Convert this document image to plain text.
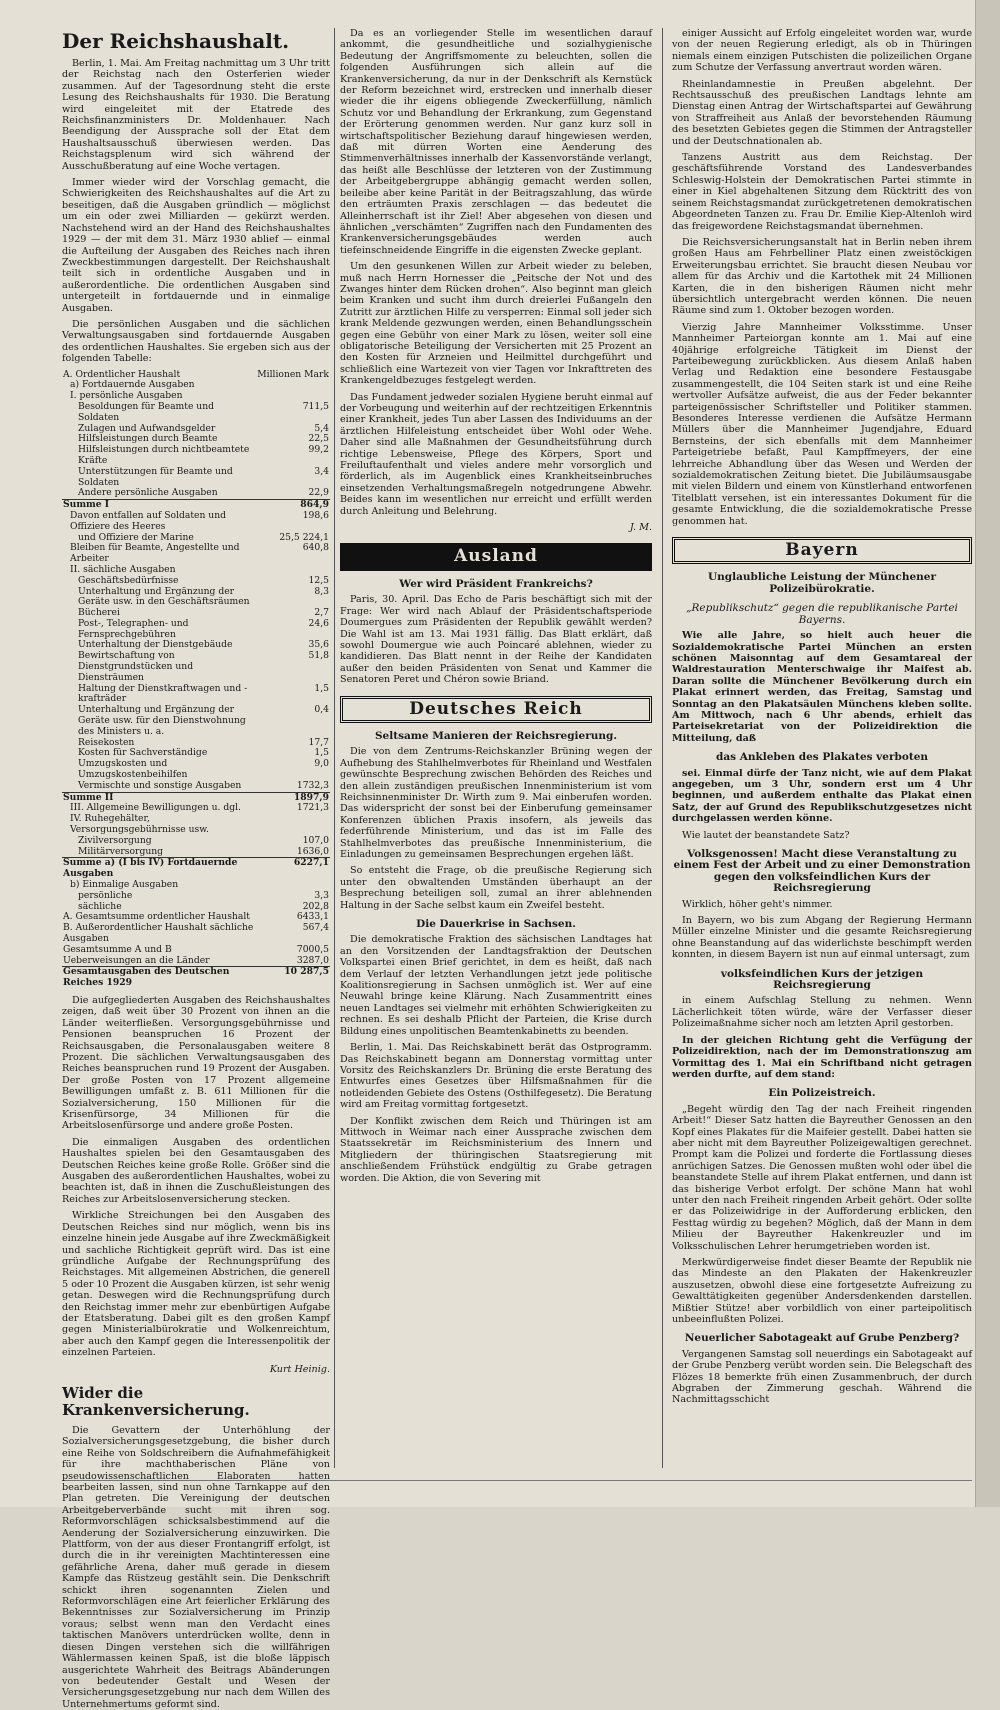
Der Reichshaushalt.

Berlin, 1. Mai. Am Freitag nachmittag um 3 Uhr tritt der Reichstag nach den Osterferien wieder zusammen. Auf der Tagesordnung steht die erste Lesung des Reichshaushalts für 1930. Die Beratung wird eingeleitet mit der Etatrede des Reichsfinanzministers Dr. Moldenhauer. Nach Beendigung der Aussprache soll der Etat dem Haushaltsausschuß überwiesen werden. Das Reichstagsplenum wird sich während der Ausschußberatung auf eine Woche vertagen.

Immer wieder wird der Vorschlag gemacht, die Schwierigkeiten des Reichshaushaltes auf die Art zu beseitigen, daß die Ausgaben gründlich — möglichst um ein oder zwei Milliarden — gekürzt werden. Nachstehend wird an der Hand des Reichshaushaltes 1929 — der mit dem 31. März 1930 ablief — einmal die Aufteilung der Ausgaben des Reiches nach ihren Zweckbestimmungen dargestellt. Der Reichshaushalt teilt sich in ordentliche Ausgaben und in außerordentliche. Die ordentlichen Ausgaben sind untergeteilt in fortdauernde und in einmalige Ausgaben.

Die persönlichen Ausgaben und die sächlichen Verwaltungsausgaben sind fortdauernde Ausgaben des ordentlichen Haushaltes. Sie ergeben sich aus der folgenden Tabelle:

A. Ordentlicher Haushalt	Millionen Mark
a) Fortdauernde Ausgaben	
I. persönliche Ausgaben	
Besoldungen für Beamte und Soldaten	711,5
Zulagen und Aufwandsgelder	5,4
Hilfsleistungen durch Beamte	22,5
Hilfsleistungen durch nichtbeamtete Kräfte	99,2
Unterstützungen für Beamte und Soldaten	3,4
Andere persönliche Ausgaben	22,9
Summe I	864,9
Davon entfallen auf Soldaten und Offiziere des Heeres	198,6
und Offiziere der Marine	25,5 224,1
Bleiben für Beamte, Angestellte und Arbeiter	640,8
II. sächliche Ausgaben	
Geschäftsbedürfnisse	12,5
Unterhaltung und Ergänzung der Geräte usw. in den Geschäftsräumen	8,3
Bücherei	2,7
Post-, Telegraphen- und Fernsprechgebühren	24,6
Unterhaltung der Dienstgebäude	35,6
Bewirtschaftung von Dienstgrundstücken und Diensträumen	51,8
Haltung der Dienstkraftwagen und -krafträder	1,5
Unterhaltung und Ergänzung der Geräte usw. für den Dienstwohnung des Ministers u. a.	0,4
Reisekosten	17,7
Kosten für Sachverständige	1,5
Umzugskosten und Umzugskostenbeihilfen	9,0
Vermischte und sonstige Ausgaben	1732,3
Summe II	1897,9
III. Allgemeine Bewilligungen u. dgl.	1721,3
IV. Ruhegehälter, Versorgungsgebührnisse usw.	
Zivilversorgung	107,0
Militärversorgung	1636,0
Summe a) (I bis IV) Fortdauernde Ausgaben	6227,1
b) Einmalige Ausgaben	
persönliche	3,3
sächliche	202,8
A. Gesamtsumme ordentlicher Haushalt	6433,1
B. Außerordentlicher Haushalt sächliche Ausgaben	567,4
Gesamtsumme A und B	7000,5
Ueberweisungen an die Länder	3287,0
Gesamtausgaben des Deutschen Reiches 1929	10 287,5

Die aufgegliederten Ausgaben des Reichshaushaltes zeigen, daß weit über 30 Prozent von ihnen an die Länder weiterfließen. Versorgungsgebührnisse und Pensionen beanspruchen 16 Prozent der Reichsausgaben, die Personalausgaben weitere 8 Prozent. Die sächlichen Verwaltungsausgaben des Reiches beanspruchen rund 19 Prozent der Ausgaben. Der große Posten von 17 Prozent allgemeine Bewilligungen umfaßt z. B. 611 Millionen für die Sozialversicherung, 150 Millionen für die Krisenfürsorge, 34 Millionen für die Arbeitslosenfürsorge und andere große Posten.

Die einmaligen Ausgaben des ordentlichen Haushaltes spielen bei den Gesamtausgaben des Deutschen Reiches keine große Rolle. Größer sind die Ausgaben des außerordentlichen Haushaltes, wobei zu beachten ist, daß in ihnen die Zuschußleistungen des Reiches zur Arbeitslosenversicherung stecken.

Wirkliche Streichungen bei den Ausgaben des Deutschen Reiches sind nur möglich, wenn bis ins einzelne hinein jede Ausgabe auf ihre Zweckmäßigkeit und sachliche Richtigkeit geprüft wird. Das ist eine gründliche Aufgabe der Rechnungsprüfung des Reichstages. Mit allgemeinen Abstrichen, die generell 5 oder 10 Prozent die Ausgaben kürzen, ist sehr wenig getan. Deswegen wird die Rechnungsprüfung durch den Reichstag immer mehr zur ebenbürtigen Aufgabe der Etatsberatung. Dabei gilt es den großen Kampf gegen Ministerialbürokratie und Wolkenreichtum, aber auch den Kampf gegen die Interessenpolitik der einzelnen Parteien.

Kurt Heinig.
Wider die Krankenversicherung.

Die Gevattern der Unterhöhlung der Sozialversicherungsgesetzgebung, die bisher durch eine Reihe von Soldschreibern die Aufnahmefähigkeit für ihre machthaberischen Pläne von pseudowissenschaftlichen Elaboraten hatten bearbeiten lassen, sind nun ohne Tarnkappe auf den Plan getreten. Die Vereinigung der deutschen Arbeitgeberverbände sucht mit ihren sog. Reformvorschlägen schicksalsbestimmend auf die Aenderung der Sozialversicherung einzuwirken. Die Plattform, von der aus dieser Frontangriff erfolgt, ist durch die in ihr vereinigten Machtinteressen eine gefährliche Arena, daher muß gerade in diesem Kampfe das Rüstzeug gestählt sein. Die Denkschrift schickt ihren sogenannten Zielen und Reformvorschlägen eine Art feierlicher Erklärung des Bekenntnisses zur Sozialversicherung im Prinzip voraus; selbst wenn man den Verdacht eines taktischen Manövers unterdrücken wollte, denn in diesen Dingen verstehen sich die willfährigen Wählermassen keinen Spaß, ist die bloße läppisch ausgerichtete Wahrheit des Beitrags Abänderungen von bedeutender Gestalt und Wesen der Versicherungsgesetzgebung nur nach dem Willen des Unternehmertums geformt sind.

Da es an vorliegender Stelle im wesentlichen darauf ankommt, die gesundheitliche und sozialhygienische Bedeutung der Angriffsmomente zu beleuchten, sollen die folgenden Ausführungen sich allein auf die Krankenversicherung, da nur in der Denkschrift als Kernstück der Reform bezeichnet wird, erstrecken und innerhalb dieser wieder die ihr eigens obliegende Zweckerfüllung, nämlich Schutz vor und Behandlung der Erkrankung, zum Gegenstand der Erörterung genommen werden. Nur ganz kurz soll in wirtschaftspolitischer Beziehung darauf hingewiesen werden, daß mit dürren Worten eine Aenderung des Stimmenverhältnisses innerhalb der Kassenvorstände verlangt, das heißt alle Beschlüsse der letzteren von der Zustimmung der Arbeitgebergruppe abhängig gemacht werden sollen, beileibe aber keine Parität in der Beitragszahlung, das würde den erträumten Praxis zerschlagen — das bedeutet die Alleinherrschaft ist ihr Ziel! Aber abgesehen von diesen und ähnlichen „verschämten“ Zugriffen nach den Fundamenten des Krankenversicherungsgebäudes werden auch tiefeinschneidende Eingriffe in die eigensten Zwecke geplant.

Um den gesunkenen Willen zur Arbeit wieder zu beleben, muß nach Herrn Hornesser die „Peitsche der Not und des Zwanges hinter dem Rücken drohen“. Also beginnt man gleich beim Kranken und sucht ihm durch dreierlei Fußangeln den Zutritt zur ärztlichen Hilfe zu versperren: Einmal soll jeder sich krank Meldende gezwungen werden, einen Behandlungsschein gegen eine Gebühr von einer Mark zu lösen, weiter soll eine obligatorische Beteiligung der Versicherten mit 25 Prozent an den Kosten für Arzneien und Heilmittel durchgeführt und schließlich eine Wartezeit von vier Tagen vor Inkrafttreten des Krankengeldbezuges festgelegt werden.

Das Fundament jedweder sozialen Hygiene beruht einmal auf der Vorbeugung und weiterhin auf der rechtzeitigen Erkenntnis einer Krankheit, jedes Tun aber Lassen des Individuums an der ärztlichen Hilfeleistung entscheidet über Wohl oder Wehe. Daher sind alle Maßnahmen der Gesundheitsführung durch richtige Lebensweise, Pflege des Körpers, Sport und Freiluftaufenthalt und vieles andere mehr vorsorglich und förderlich, als im Augenblick eines Krankheitseinbruches einsetzenden Verhaltungsmaßregeln notgedrungene Abwehr. Beides kann im wesentlichen nur erreicht und erfüllt werden durch Anleitung und Belehrung.

J. M.
Ausland
Wer wird Präsident Frankreichs?

Paris, 30. April. Das Echo de Paris beschäftigt sich mit der Frage: Wer wird nach Ablauf der Präsidentschaftsperiode Doumergues zum Präsidenten der Republik gewählt werden? Die Wahl ist am 13. Mai 1931 fällig. Das Blatt erklärt, daß sowohl Doumergue wie auch Poincaré ablehnen, wieder zu kandidieren. Das Blatt nennt in der Reihe der Kandidaten außer den beiden Präsidenten von Senat und Kammer die Senatoren Peret und Chéron sowie Briand.

Deutsches Reich
Seltsame Manieren der Reichsregierung.

Die von dem Zentrums-Reichskanzler Brüning wegen der Aufhebung des Stahlhelmverbotes für Rheinland und Westfalen gewünschte Besprechung zwischen Behörden des Reiches und den allein zuständigen preußischen Innenministerium ist vom Reichsinnenminister Dr. Wirth zum 9. Mai einberufen worden. Das widerspricht der sonst bei der Einberufung gemeinsamer Konferenzen üblichen Praxis insofern, als jeweils das federführende Ministerium, und das ist im Falle des Stahlhelmverbotes das preußische Innenministerium, die Einladungen zu gemeinsamen Besprechungen ergehen läßt.

So entsteht die Frage, ob die preußische Regierung sich unter den obwaltenden Umständen überhaupt an der Besprechung beteiligen soll, zumal an ihrer ablehnenden Haltung in der Sache selbst kaum ein Zweifel besteht.

Die Dauerkrise in Sachsen.

Die demokratische Fraktion des sächsischen Landtages hat an den Vorsitzenden der Landtagsfraktion der Deutschen Volkspartei einen Brief gerichtet, in dem es heißt, daß nach dem Verlauf der letzten Verhandlungen jetzt jede politische Koalitionsregierung in Sachsen unmöglich ist. Wer auf eine Neuwahl bringe keine Klärung. Nach Zusammentritt eines neuen Landtages sei vielmehr mit erhöhten Schwierigkeiten zu rechnen. Es sei deshalb Pflicht der Parteien, die Krise durch Bildung eines unpolitischen Beamtenkabinetts zu beenden.

Berlin, 1. Mai. Das Reichskabinett berät das Ostprogramm. Das Reichskabinett begann am Donnerstag vormittag unter Vorsitz des Reichskanzlers Dr. Brüning die erste Beratung des Entwurfes eines Gesetzes über Hilfsmaßnahmen für die notleidenden Gebiete des Ostens (Osthilfegesetz). Die Beratung wird am Freitag vormittag fortgesetzt.

Der Konflikt zwischen dem Reich und Thüringen ist am Mittwoch in Weimar nach einer Aussprache zwischen dem Staatssekretär im Reichsministerium des Innern und Mitgliedern der thüringischen Staatsregierung mit anschließendem Frühstück endgültig zu Grabe getragen worden. Die Aktion, die von Severing mit

einiger Aussicht auf Erfolg eingeleitet worden war, wurde von der neuen Regierung erledigt, als ob in Thüringen niemals einem einzigen Putschisten die polizeilichen Organe zum Schutze der Verfassung anvertraut worden wären.

Rheinlandamnestie in Preußen abgelehnt. Der Rechtsausschuß des preußischen Landtags lehnte am Dienstag einen Antrag der Wirtschaftspartei auf Gewährung von Straffreiheit aus Anlaß der bevorstehenden Räumung des besetzten Gebietes gegen die Stimmen der Antragsteller und der Deutschnationalen ab.

Tanzens Austritt aus dem Reichstag. Der geschäftsführende Vorstand des Landesverbandes Schleswig-Holstein der Demokratischen Partei stimmte in einer in Kiel abgehaltenen Sitzung dem Rücktritt des von seinem Reichstagsmandat zurückgetretenen demokratischen Abgeordneten Tanzen zu. Frau Dr. Emilie Kiep-Altenloh wird das freigewordene Reichstagsmandat übernehmen.

Die Reichsversicherungsanstalt hat in Berlin neben ihrem großen Haus am Fehrbelliner Platz einen zweistöckigen Erweiterungsbau errichtet. Sie braucht diesen Neubau vor allem für das Archiv und die Kartothek mit 24 Millionen Karten, die in den bisherigen Räumen nicht mehr übersichtlich untergebracht werden können. Die neuen Räume sind zum 1. Oktober bezogen worden.

Vierzig Jahre Mannheimer Volksstimme. Unser Mannheimer Parteiorgan konnte am 1. Mai auf eine 40jährige erfolgreiche Tätigkeit im Dienst der Parteibewegung zurückblicken. Aus diesem Anlaß haben Verlag und Redaktion eine besondere Festausgabe zusammengestellt, die 104 Seiten stark ist und eine Reihe wertvoller Aufsätze aufweist, die aus der Feder bekannter parteigenössischer Schriftsteller und Politiker stammen. Besonderes Interesse verdienen die Aufsätze Hermann Müllers über die Mannheimer Jugendjahre, Eduard Bernsteins, der sich ebenfalls mit dem Mannheimer Parteigetriebe befaßt, Paul Kampffmeyers, der eine lehrreiche Abhandlung über das Wesen und Werden der sozialdemokratischen Zeitung bietet. Die Jubiläumsausgabe mit vielen Bildern und einem von Künstlerhand entworfenen Titelblatt versehen, ist ein interessantes Dokument für die gesamte Entwicklung, die die sozialdemokratische Presse genommen hat.

Bayern
Unglaubliche Leistung der Münchener Polizeibürokratie.
„Republikschutz“ gegen die republikanische Partei Bayerns.

Wie alle Jahre, so hielt auch heuer die Sozialdemokratische Partei München an ersten schönen Maisonntag auf dem Gesamtareal der Waldrestauration Menterschwaige ihr Maifest ab. Daran sollte die Münchener Bevölkerung durch ein Plakat erinnert werden, das Freitag, Samstag und Sonntag an den Plakatsäulen Münchens kleben sollte. Am Mittwoch, nach 6 Uhr abends, erhielt das Parteisekretariat von der Polizeidirektion die Mitteilung, daß

das Ankleben des Plakates verboten

sei. Einmal dürfe der Tanz nicht, wie auf dem Plakat angegeben, um 3 Uhr, sondern erst um 4 Uhr beginnen, und außerdem enthalte das Plakat einen Satz, der auf Grund des Republikschutzgesetzes nicht durchgelassen werden könne.

Wie lautet der beanstandete Satz?

Volksgenossen! Macht diese Veranstaltung zu einem Fest der Arbeit und zu einer Demonstration gegen den volksfeindlichen Kurs der Reichsregierung

Wirklich, höher geht's nimmer.

In Bayern, wo bis zum Abgang der Regierung Hermann Müller einzelne Minister und die gesamte Reichsregierung ohne Beanstandung auf das widerlichste beschimpft werden konnten, in diesem Bayern ist nun auf einmal untersagt, zum

volksfeindlichen Kurs der jetzigen Reichsregierung

in einem Aufschlag Stellung zu nehmen. Wenn Lächerlichkeit töten würde, wäre der Verfasser dieser Polizeimaßnahme sicher noch am letzten April gestorben.

In der gleichen Richtung geht die Verfügung der Polizeidirektion, nach der im Demonstrationszug am Vormittag des 1. Mai ein Schriftband nicht getragen werden durfte, auf dem stand:

Ein Polizeistreich.

„Begeht würdig den Tag der nach Freiheit ringenden Arbeit!“ Dieser Satz hatten die Bayreuther Genossen an den Kopf eines Plakates für die Maifeier gestellt. Dabei hatten sie aber nicht mit dem Bayreuther Polizeigewaltigen gerechnet. Prompt kam die Polizei und forderte die Fortlassung dieses anrüchigen Satzes. Die Genossen mußten wohl oder übel die beanstandete Stelle auf ihrem Plakat entfernen, und dann ist das bisherige Verbot erfolgt. Der schöne Mann hat wohl unter den nach Freiheit ringenden Arbeit gehört. Oder sollte er das Polizeiwidrige in der Aufforderung erblicken, den Festtag würdig zu begehen? Möglich, daß der Mann in dem Milieu der Bayreuther Hakenkreuzler und im Volksschulischen Lehrer herumgetrieben worden ist.

Merkwürdigerweise findet dieser Beamte der Republik nie das Mindeste an den Plakaten der Hakenkreuzler auszusetzen, obwohl diese eine fortgesetzte Aufreizung zu Gewalttätigkeiten gegenüber Andersdenkenden darstellen. Mißtier Stütze! aber vorbildlich von einer parteipolitisch unbeeinflußten Polizei.

Neuerlicher Sabotageakt auf Grube Penzberg?

Vergangenen Samstag soll neuerdings ein Sabotageakt auf der Grube Penzberg verübt worden sein. Die Belegschaft des Flözes 18 bemerkte früh einen Zusammenbruch, der durch Abgraben der Zimmerung geschah. Während die Nachmittagsschicht
